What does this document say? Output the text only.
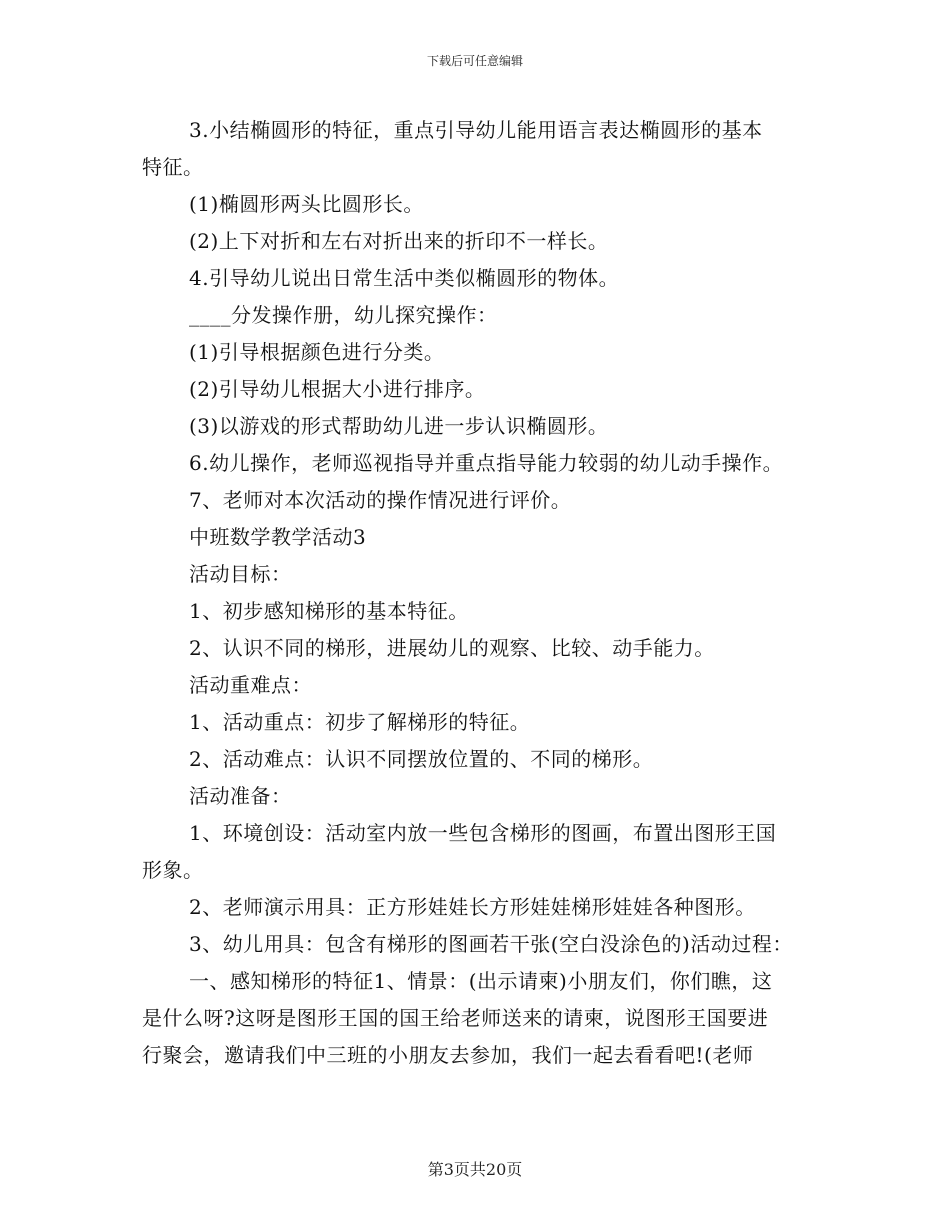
下载后可任意编辑
3.小结椭圆形的特征，重点引导幼儿能用语言表达椭圆形的基本
特征。
(1)椭圆形两头比圆形长。
(2)上下对折和左右对折出来的折印不一样长。
4.引导幼儿说出日常生活中类似椭圆形的物体。
____分发操作册，幼儿探究操作：
(1)引导根据颜色进行分类。
(2)引导幼儿根据大小进行排序。
(3)以游戏的形式帮助幼儿进一步认识椭圆形。
6.幼儿操作，老师巡视指导并重点指导能力较弱的幼儿动手操作。
7、老师对本次活动的操作情况进行评价。
中班数学教学活动3
活动目标：
1、初步感知梯形的基本特征。
2、认识不同的梯形，进展幼儿的观察、比较、动手能力。
活动重难点：
1、活动重点：初步了解梯形的特征。
2、活动难点：认识不同摆放位置的、不同的梯形。
活动准备：
1、环境创设：活动室内放一些包含梯形的图画，布置出图形王国
形象。
2、老师演示用具：正方形娃娃长方形娃娃梯形娃娃各种图形。
3、幼儿用具：包含有梯形的图画若干张(空白没涂色的)活动过程：
一、感知梯形的特征1、情景：(出示请柬)小朋友们，你们瞧，这
是什么呀?这呀是图形王国的国王给老师送来的请柬，说图形王国要进
行聚会，邀请我们中三班的小朋友去参加，我们一起去看看吧!(老师
第3页共20页
